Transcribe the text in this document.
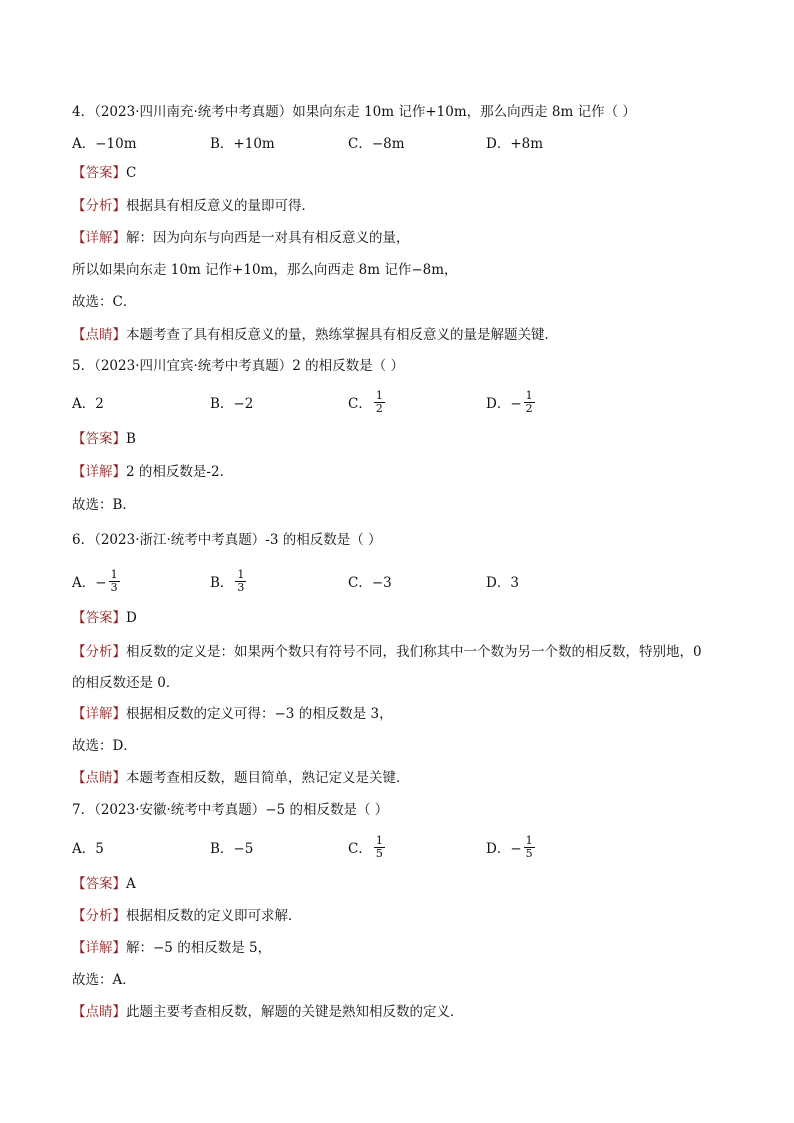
4．（2023·四川南充·统考中考真题）如果向东走 10m 记作+10m，那么向西走 8m 记作（ ）
A．−10m	B．+10m	C．−8m	D．+8m
【答案】C
【分析】根据具有相反意义的量即可得．
【详解】解：因为向东与向西是一对具有相反意义的量，
所以如果向东走 10m 记作+10m，那么向西走 8m 记作−8m，
故选：C．
【点睛】本题考查了具有相反意义的量，熟练掌握具有相反意义的量是解题关键．
5．（2023·四川宜宾·统考中考真题）2 的相反数是（ ）
A．2	B．−2	C． $\frac{1}{2}$	D．− $\frac{1}{2}$
【答案】B
【详解】2 的相反数是-2.
故选：B.
6．（2023·浙江·统考中考真题）-3 的相反数是（ ）
A．− $\frac{1}{3}$	B． $\frac{1}{3}$	C．−3	D．3
【答案】D
【分析】相反数的定义是：如果两个数只有符号不同，我们称其中一个数为另一个数的相反数，特别地，0
的相反数还是 0．
【详解】根据相反数的定义可得：−3 的相反数是 3，
故选：D．
【点睛】本题考查相反数，题目简单，熟记定义是关键．
7．（2023·安徽·统考中考真题）−5 的相反数是（ ）
A．5	B．−5	C． $\frac{1}{5}$	D．− $\frac{1}{5}$
【答案】A
【分析】根据相反数的定义即可求解．
【详解】解：−5 的相反数是 5，
故选：A．
【点睛】此题主要考查相反数，解题的关键是熟知相反数的定义．
